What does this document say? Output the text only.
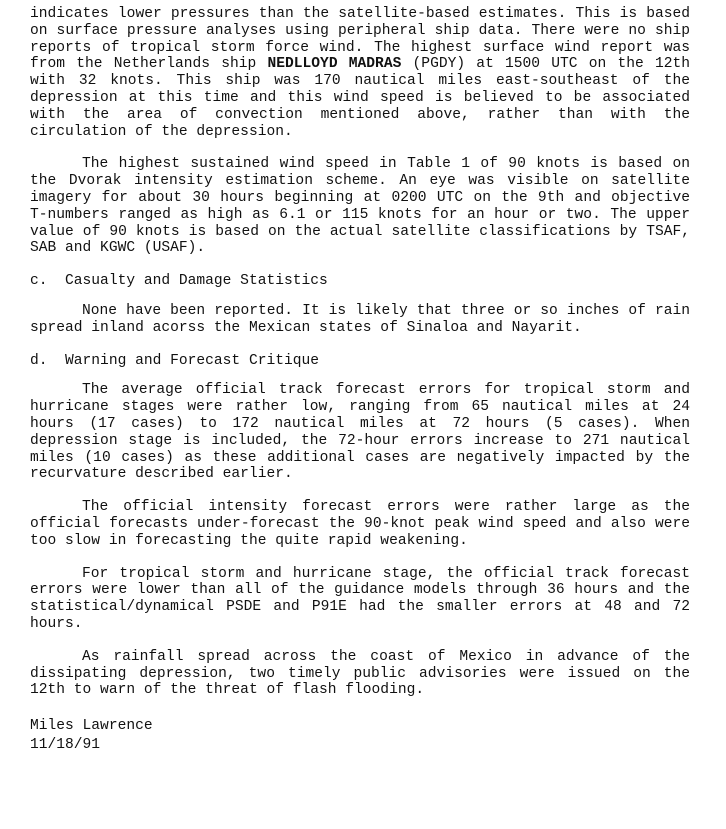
indicates lower pressures than the satellite-based estimates. This is based on surface pressure analyses using peripheral ship data. There were no ship reports of tropical storm force wind. The highest surface wind report was from the Netherlands ship NEDLLOYD MADRAS (PGDY) at 1500 UTC on the 12th with 32 knots. This ship was 170 nautical miles east-southeast of the depression at this time and this wind speed is believed to be associated with the area of convection mentioned above, rather than with the circulation of the depression.

The highest sustained wind speed in Table 1 of 90 knots is based on the Dvorak intensity estimation scheme. An eye was visible on satellite imagery for about 30 hours beginning at 0200 UTC on the 9th and objective T-numbers ranged as high as 6.1 or 115 knots for an hour or two. The upper value of 90 knots is based on the actual satellite classifications by TSAF, SAB and KGWC (USAF).

c.  Casualty and Damage Statistics

None have been reported. It is likely that three or so inches of rain spread inland acorss the Mexican states of Sinaloa and Nayarit.

d.  Warning and Forecast Critique

The average official track forecast errors for tropical storm and hurricane stages were rather low, ranging from 65 nautical miles at 24 hours (17 cases) to 172 nautical miles at 72 hours (5 cases). When depression stage is included, the 72-hour errors increase to 271 nautical miles (10 cases) as these additional cases are negatively impacted by the recurvature described earlier.

The official intensity forecast errors were rather large as the official forecasts under-forecast the 90-knot peak wind speed and also were too slow in forecasting the quite rapid weakening.

For tropical storm and hurricane stage, the official track forecast errors were lower than all of the guidance models through 36 hours and the statistical/dynamical PSDE and P91E had the smaller errors at 48 and 72 hours.

As rainfall spread across the coast of Mexico in advance of the dissipating depression, two timely public advisories were issued on the 12th to warn of the threat of flash flooding.

Miles Lawrence
11/18/91
